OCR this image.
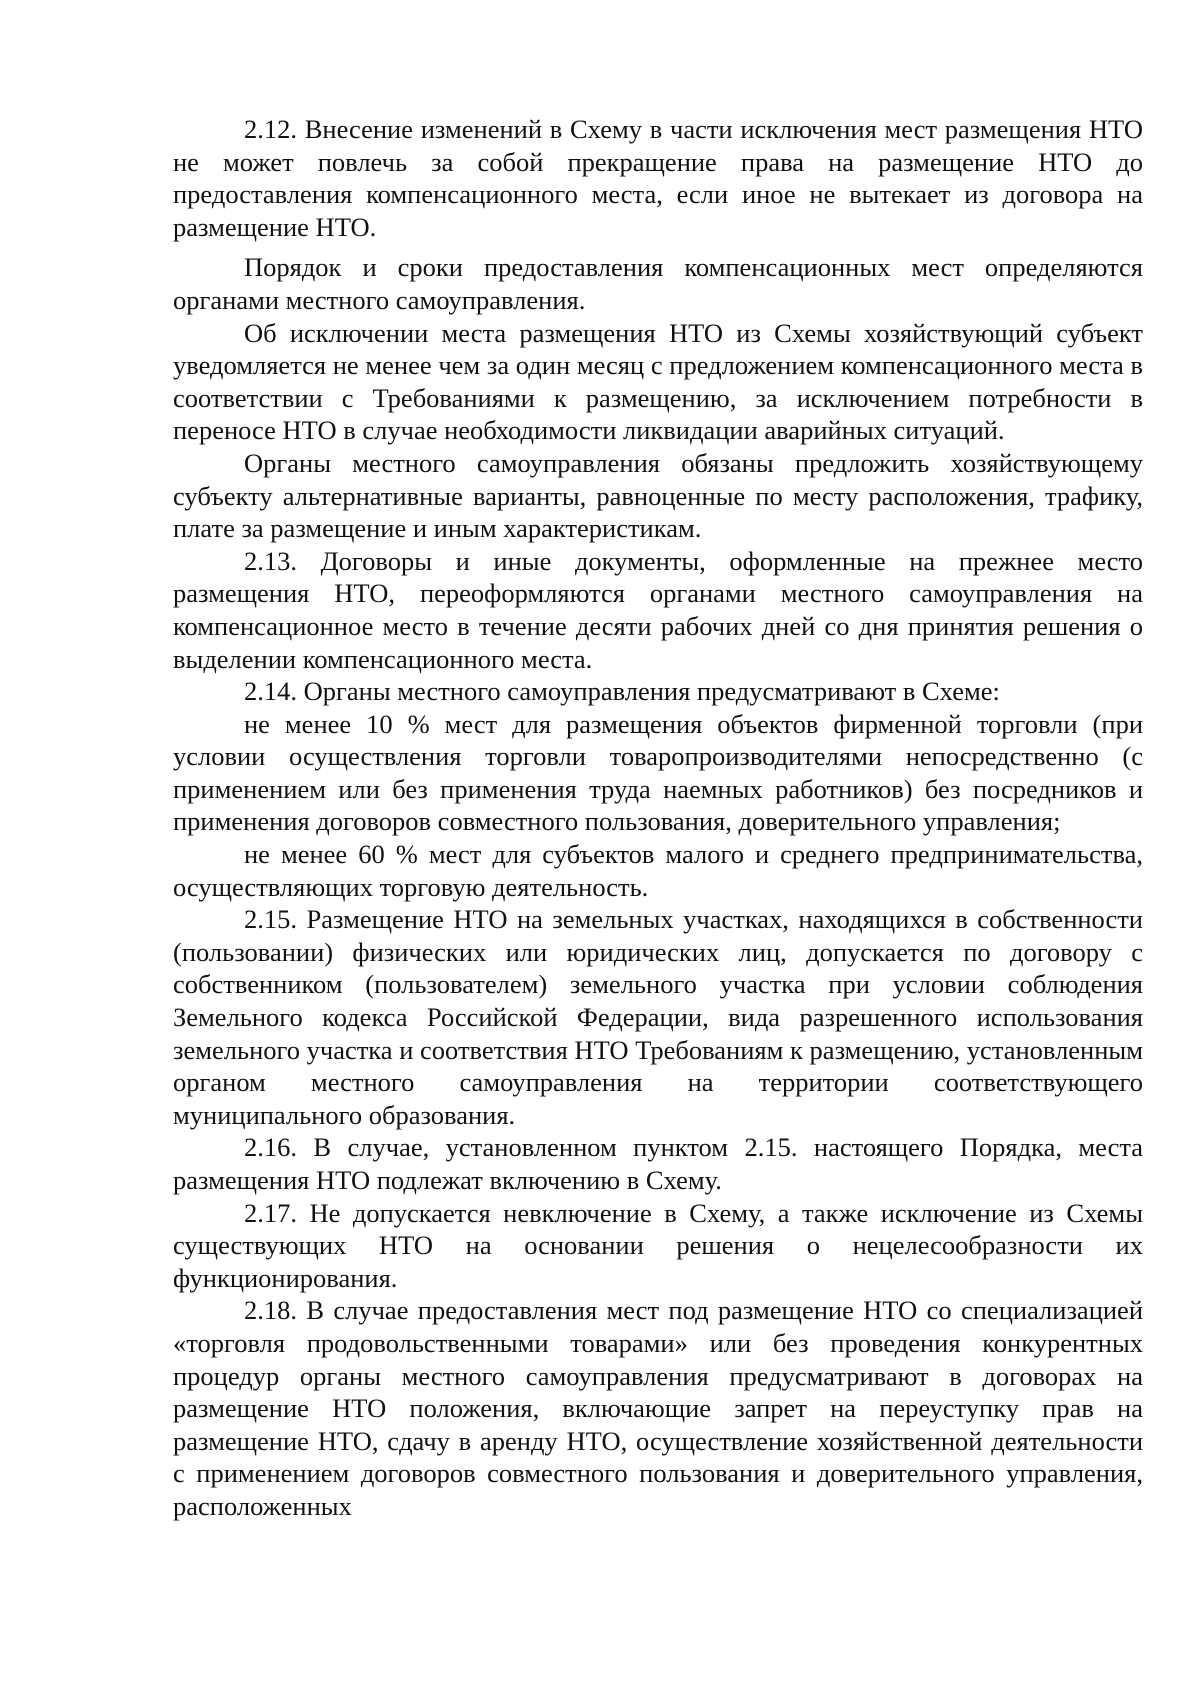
2.12. Внесение изменений в Схему в части исключения мест размещения НТО не может повлечь за собой прекращение права на размещение НТО до предоставления компенсационного места, если иное не вытекает из договора на размещение НТО.

Порядок и сроки предоставления компенсационных мест определяются органами местного самоуправления.

Об исключении места размещения НТО из Схемы хозяйствующий субъект уведомляется не менее чем за один месяц с предложением компенсационного места в соответствии с Требованиями к размещению, за исключением потребности в переносе НТО в случае необходимости ликвидации аварийных ситуаций.

Органы местного самоуправления обязаны предложить хозяйствующему субъекту альтернативные варианты, равноценные по месту расположения, трафику, плате за размещение и иным характеристикам.

2.13. Договоры и иные документы, оформленные на прежнее место размещения НТО, переоформляются органами местного самоуправления на компенсационное место в течение десяти рабочих дней со дня принятия решения о выделении компенсационного места.

2.14. Органы местного самоуправления предусматривают в Схеме:

не менее 10 % мест для размещения объектов фирменной торговли (при условии осуществления торговли товаропроизводителями непосредственно (с применением или без применения труда наемных работников) без посредников и применения договоров совместного пользования, доверительного управления;

не менее 60 % мест для субъектов малого и среднего предпринимательства, осуществляющих торговую деятельность.

2.15. Размещение НТО на земельных участках, находящихся в собственности (пользовании) физических или юридических лиц, допускается по договору с собственником (пользователем) земельного участка при условии соблюдения Земельного кодекса Российской Федерации, вида разрешенного использования земельного участка и соответствия НТО Требованиям к размещению, установленным органом местного самоуправления на территории соответствующего муниципального образования.

2.16. В случае, установленном пунктом 2.15. настоящего Порядка, места размещения НТО подлежат включению в Схему.

2.17. Не допускается невключение в Схему, а также исключение из Схемы существующих НТО на основании решения о нецелесообразности их функционирования.

2.18. В случае предоставления мест под размещение НТО со специализацией «торговля продовольственными товарами» или без проведения конкурентных процедур органы местного самоуправления предусматривают в договорах на размещение НТО положения, включающие запрет на переуступку прав на размещение НТО, сдачу в аренду НТО, осуществление хозяйственной деятельности с применением договоров совместного пользования и доверительного управления, расположенных
